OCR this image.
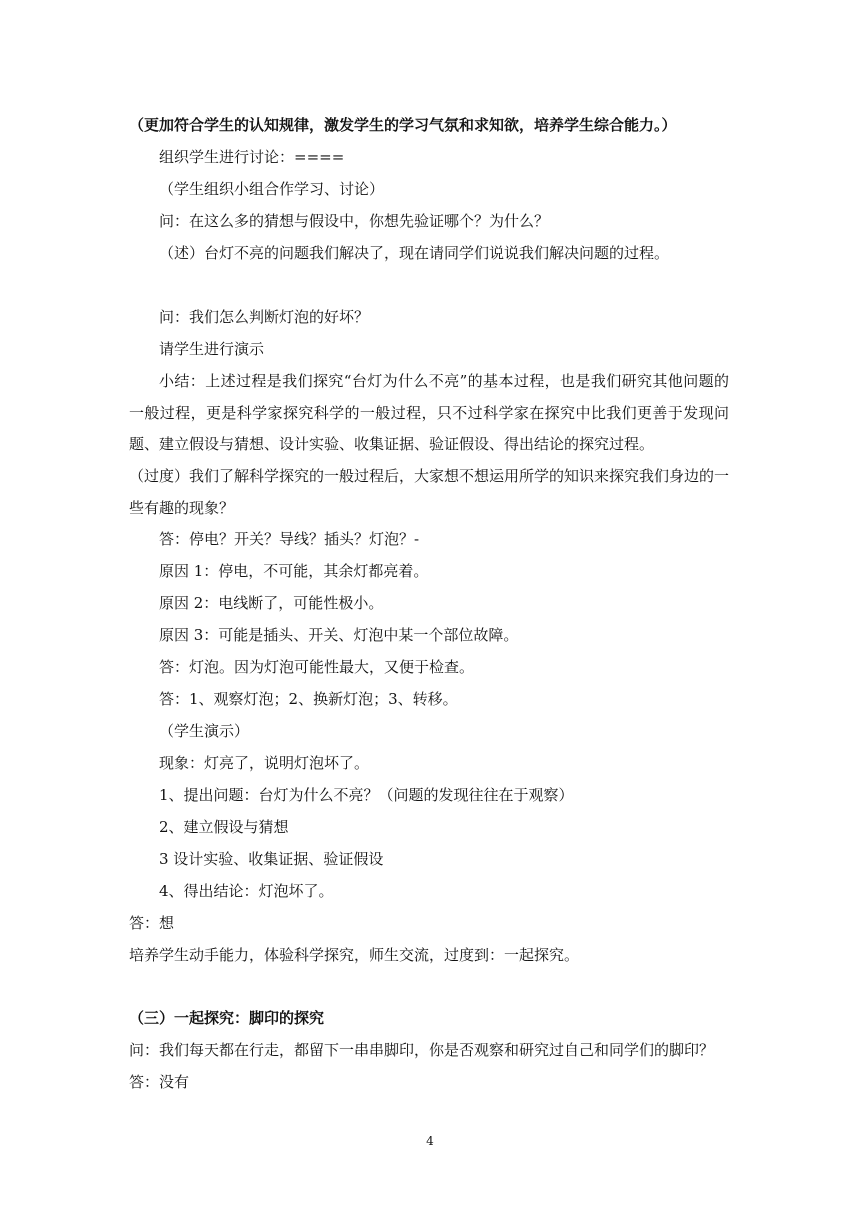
（更加符合学生的认知规律，激发学生的学习气氛和求知欲，培养学生综合能力。）
组织学生进行讨论：====
（学生组织小组合作学习、讨论）
问：在这么多的猜想与假设中，你想先验证哪个？为什么？
（述）台灯不亮的问题我们解决了，现在请同学们说说我们解决问题的过程。
问：我们怎么判断灯泡的好坏？
请学生进行演示
小结：上述过程是我们探究“台灯为什么不亮”的基本过程，也是我们研究其他问题的一般过程，更是科学家探究科学的一般过程，只不过科学家在探究中比我们更善于发现问题、建立假设与猜想、设计实验、收集证据、验证假设、得出结论的探究过程。
（过度）我们了解科学探究的一般过程后，大家想不想运用所学的知识来探究我们身边的一些有趣的现象？
答：停电？开关？导线？插头？灯泡？-
原因 1：停电，不可能，其余灯都亮着。
原因 2：电线断了，可能性极小。
原因 3：可能是插头、开关、灯泡中某一个部位故障。
答：灯泡。因为灯泡可能性最大，又便于检查。
答：1、观察灯泡；2、换新灯泡；3、转移。
（学生演示）
现象：灯亮了，说明灯泡坏了。
1、提出问题：台灯为什么不亮？（问题的发现往往在于观察）
2、建立假设与猜想
3 设计实验、收集证据、验证假设
4、得出结论：灯泡坏了。
答：想
培养学生动手能力，体验科学探究，师生交流，过度到：一起探究。
（三）一起探究：脚印的探究
问：我们每天都在行走，都留下一串串脚印，你是否观察和研究过自己和同学们的脚印？
答：没有
4
